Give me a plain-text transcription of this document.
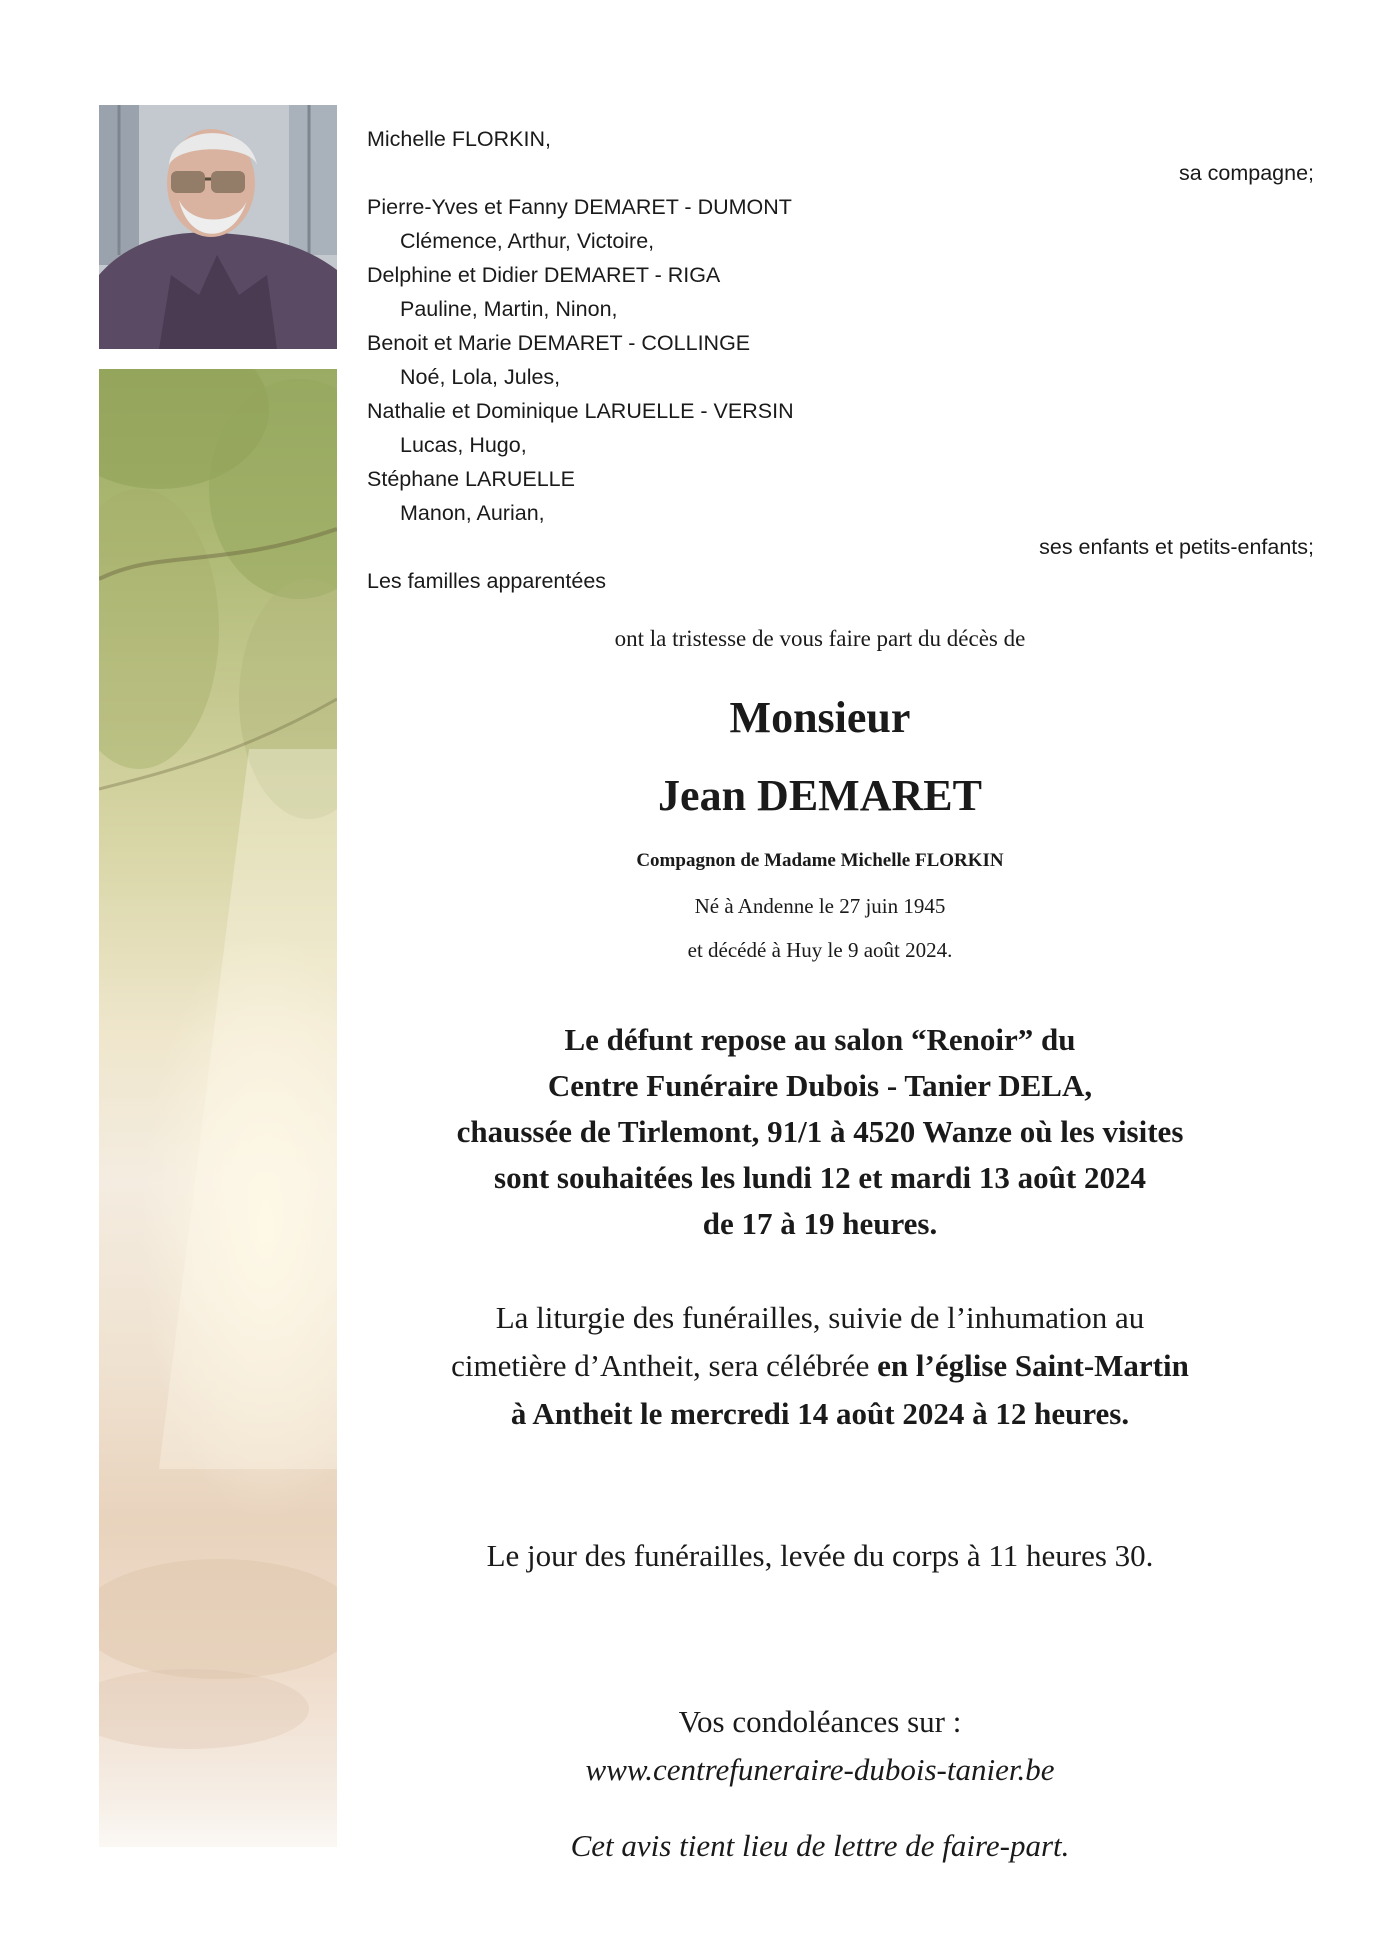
Michelle FLORKIN,
sa compagne;
Pierre-Yves et Fanny DEMARET - DUMONT
Clémence, Arthur, Victoire,
Delphine et Didier DEMARET - RIGA
Pauline, Martin, Ninon,
Benoit et Marie DEMARET - COLLINGE
Noé, Lola, Jules,
Nathalie et Dominique LARUELLE - VERSIN
Lucas, Hugo,
Stéphane LARUELLE
Manon, Aurian,
ses enfants et petits-enfants;
Les familles apparentées
ont la tristesse de vous faire part du décès de
Monsieur
Jean DEMARET
Compagnon de Madame Michelle FLORKIN
Né à Andenne le 27 juin 1945
et décédé à Huy le 9 août 2024.
Le défunt repose au salon “Renoir” du
Centre Funéraire Dubois - Tanier DELA,
chaussée de Tirlemont, 91/1 à 4520 Wanze où les visites
sont souhaitées les lundi 12 et mardi 13 août 2024
de 17 à 19 heures.
La liturgie des funérailles, suivie de l’inhumation au
cimetière d’Antheit, sera célébrée en l’église Saint-Martin
à Antheit le mercredi 14 août 2024 à 12 heures.
Le jour des funérailles, levée du corps à 11 heures 30.
Vos condoléances sur :
www.centrefuneraire-dubois-tanier.be
Cet avis tient lieu de lettre de faire-part.
